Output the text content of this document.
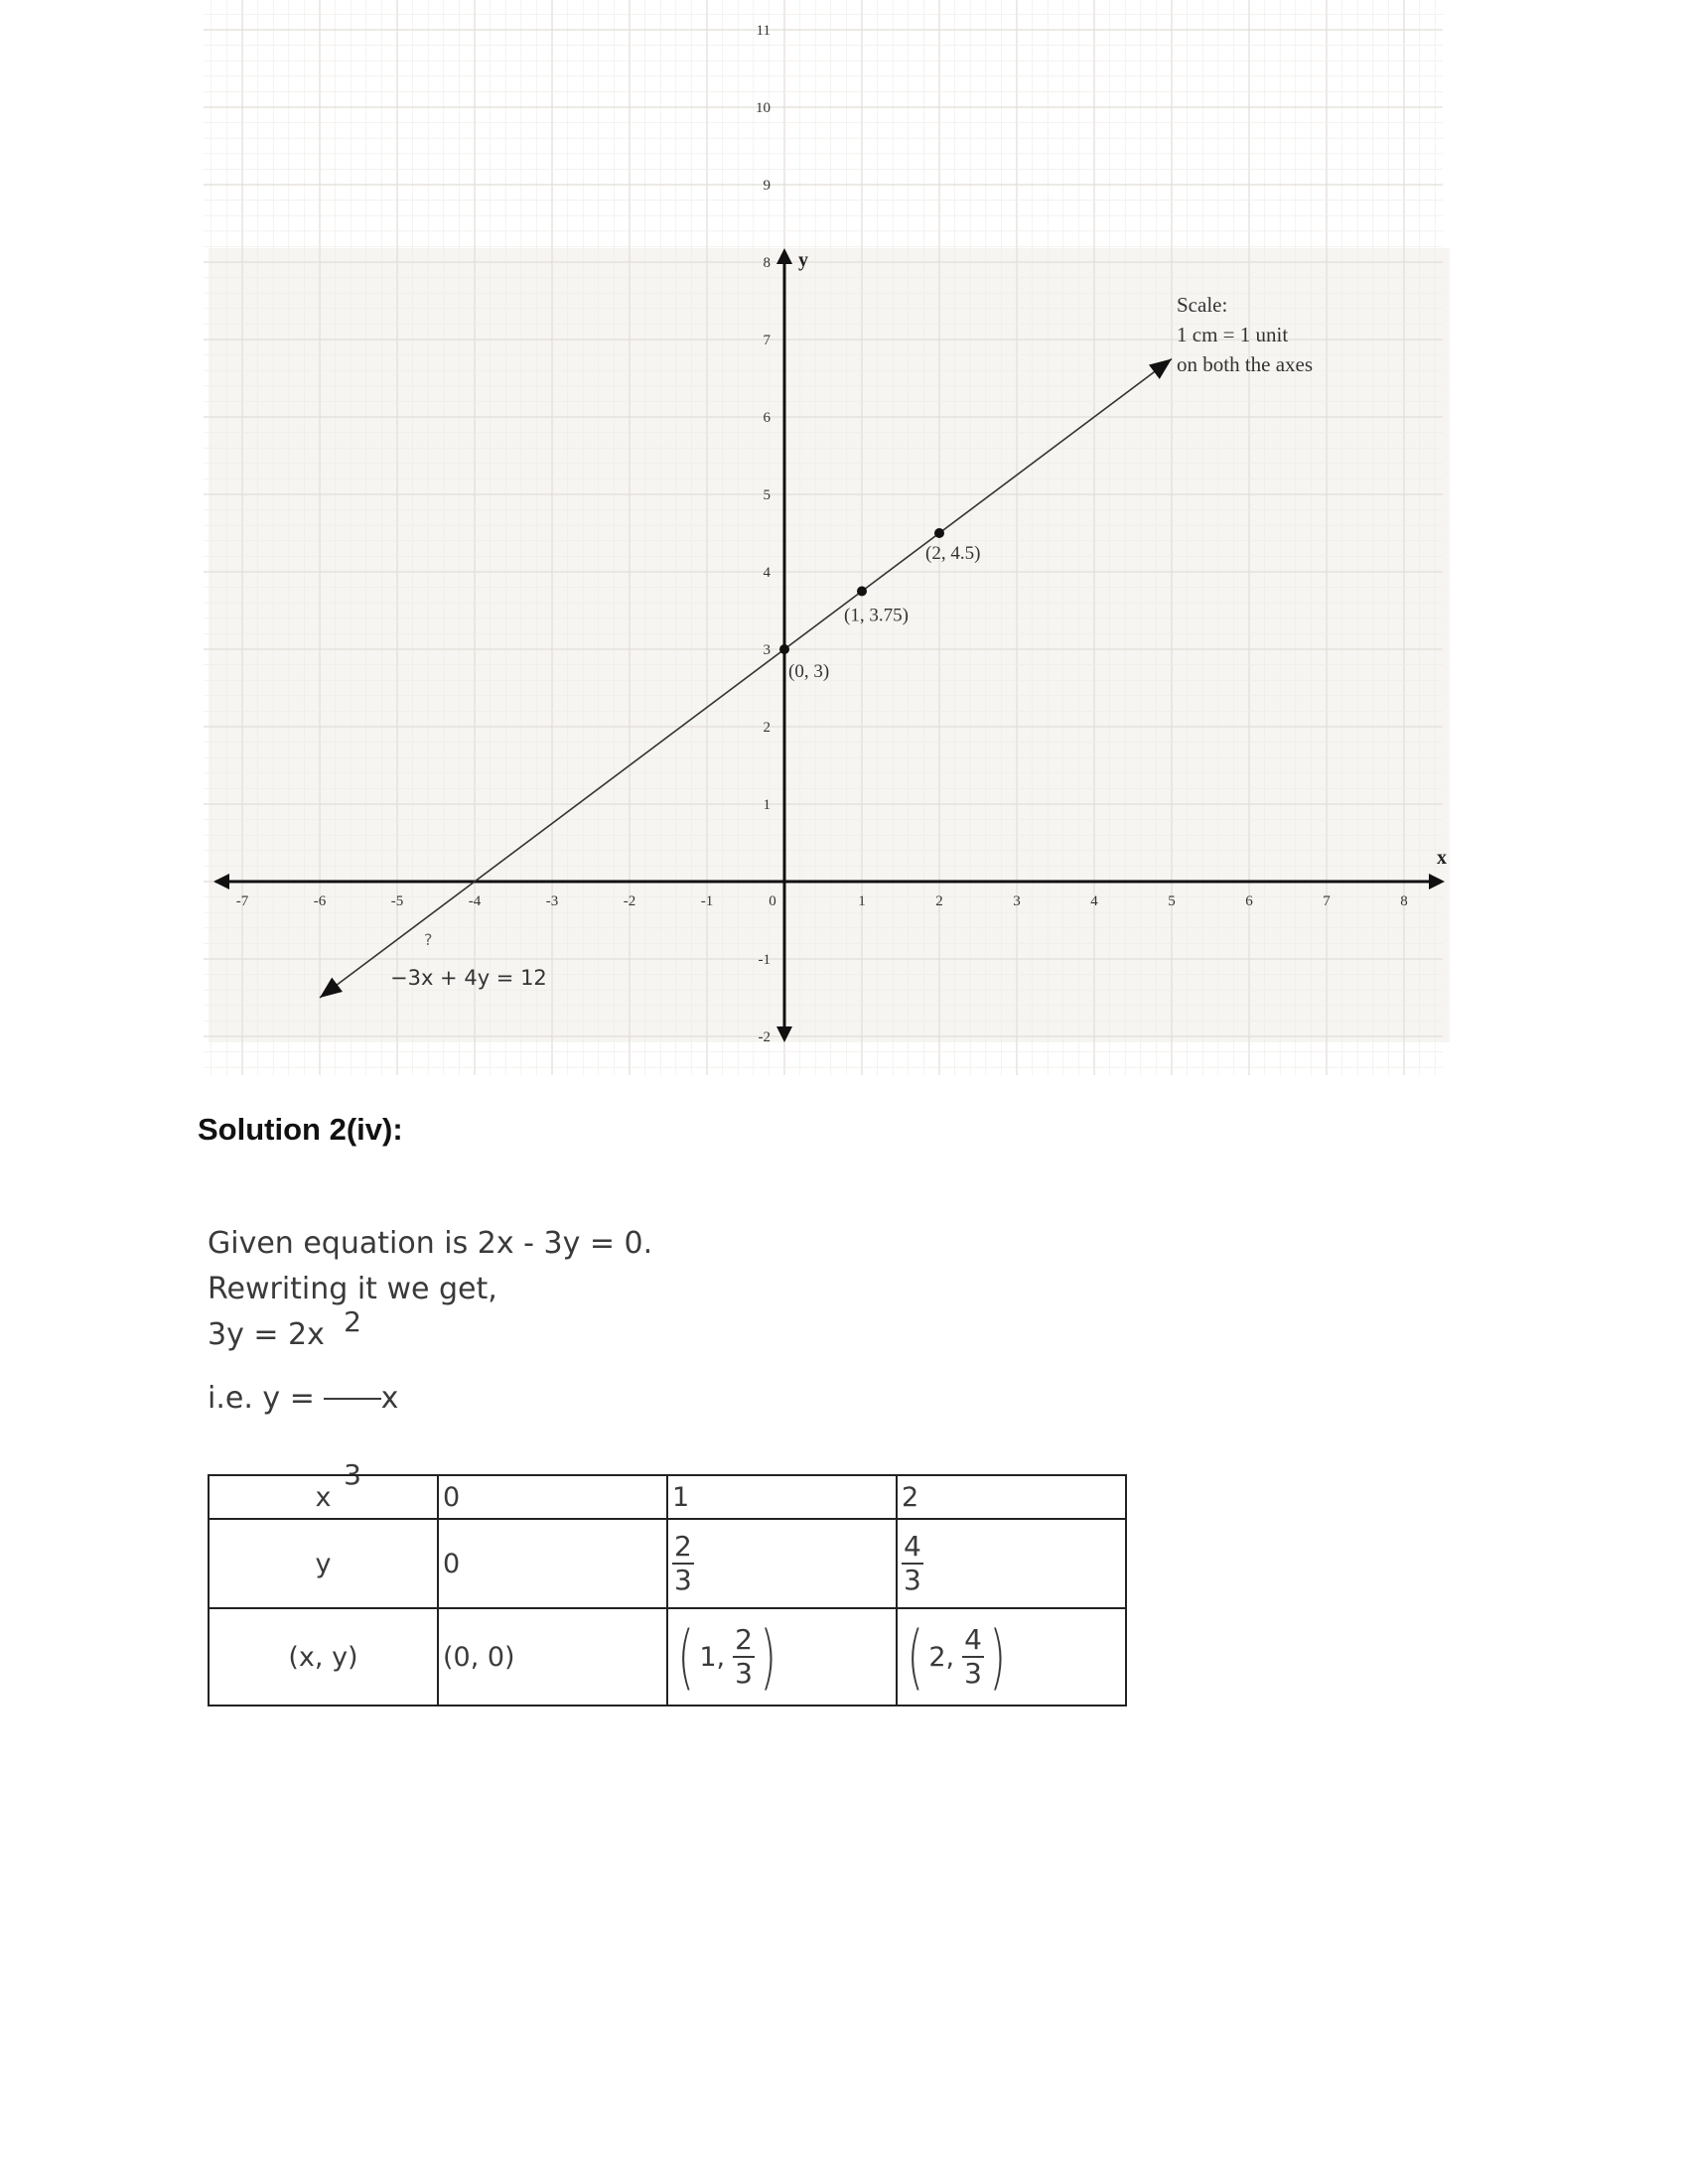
x
y
-7	-6	-5	-4	-3	-2	-1	0	1	2	3	4	5	6	7	8
11
10
9
8
7
6
5
4
3
2
1
-1
-2
(0, 3)
(1, 3.75)
(2, 4.5)
Scale:
1 cm = 1 unit
on both the axes
−3x + 4y = 12
?
Solution 2(iv):
Given equation is 2x - 3y = 0.
Rewriting it we get,
3y = 2x
i.e. y =

$\frac{2}{3}$

x
x	0	1	2
y	0	$\frac{2}{3}$	$\frac{4}{3}$

(x, y)	(0, 0)	( 1, $\frac{2}{3}$ )	( 2, $\frac{4}{3}$ )
